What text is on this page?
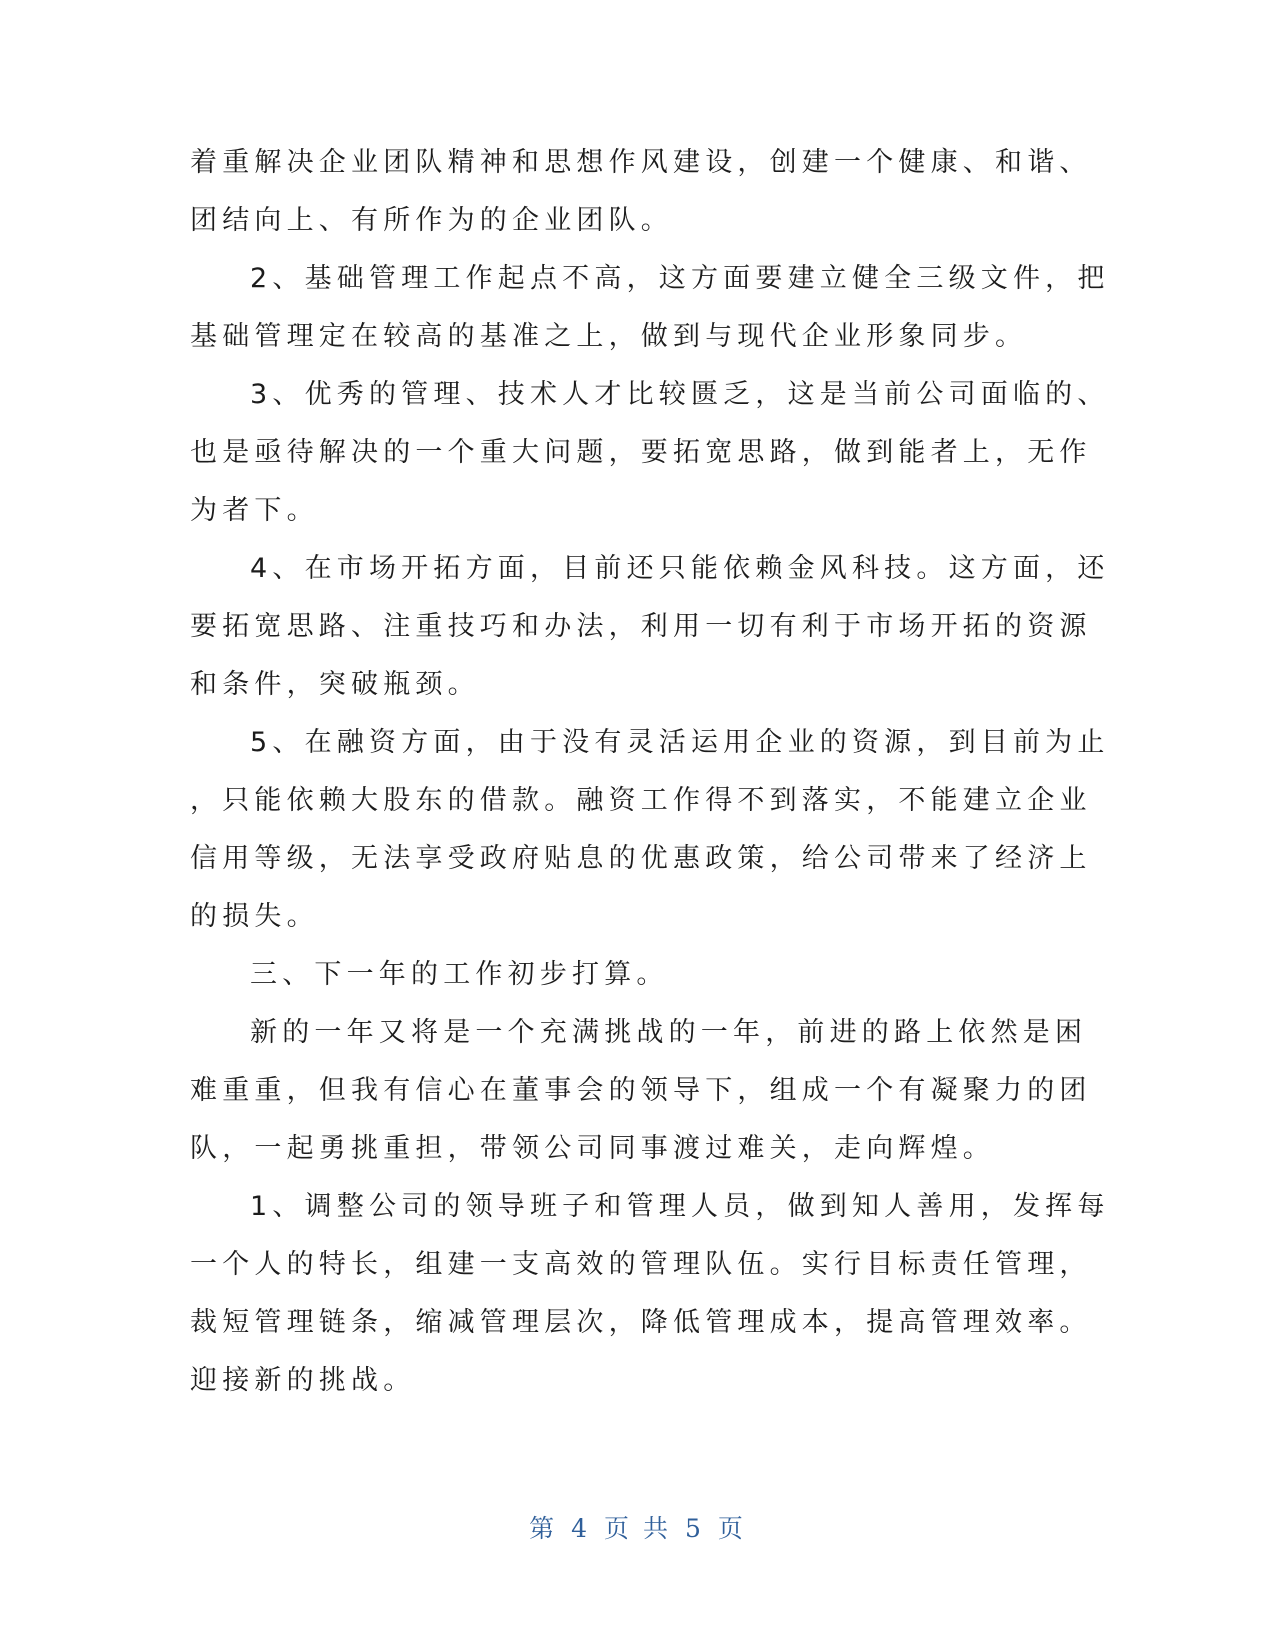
着重解决企业团队精神和思想作风建设，创建一个健康、和谐、
团结向上、有所作为的企业团队。
2、基础管理工作起点不高，这方面要建立健全三级文件，把
基础管理定在较高的基准之上，做到与现代企业形象同步。
3、优秀的管理、技术人才比较匮乏，这是当前公司面临的、
也是亟待解决的一个重大问题，要拓宽思路，做到能者上，无作
为者下。
4、在市场开拓方面，目前还只能依赖金风科技。这方面，还
要拓宽思路、注重技巧和办法，利用一切有利于市场开拓的资源
和条件，突破瓶颈。
5、在融资方面，由于没有灵活运用企业的资源，到目前为止
，只能依赖大股东的借款。融资工作得不到落实，不能建立企业
信用等级，无法享受政府贴息的优惠政策，给公司带来了经济上
的损失。
三、下一年的工作初步打算。
新的一年又将是一个充满挑战的一年，前进的路上依然是困
难重重，但我有信心在董事会的领导下，组成一个有凝聚力的团
队，一起勇挑重担，带领公司同事渡过难关，走向辉煌。
1、调整公司的领导班子和管理人员，做到知人善用，发挥每
一个人的特长，组建一支高效的管理队伍。实行目标责任管理，
裁短管理链条，缩减管理层次，降低管理成本，提高管理效率。
迎接新的挑战。
第 4 页 共 5 页
